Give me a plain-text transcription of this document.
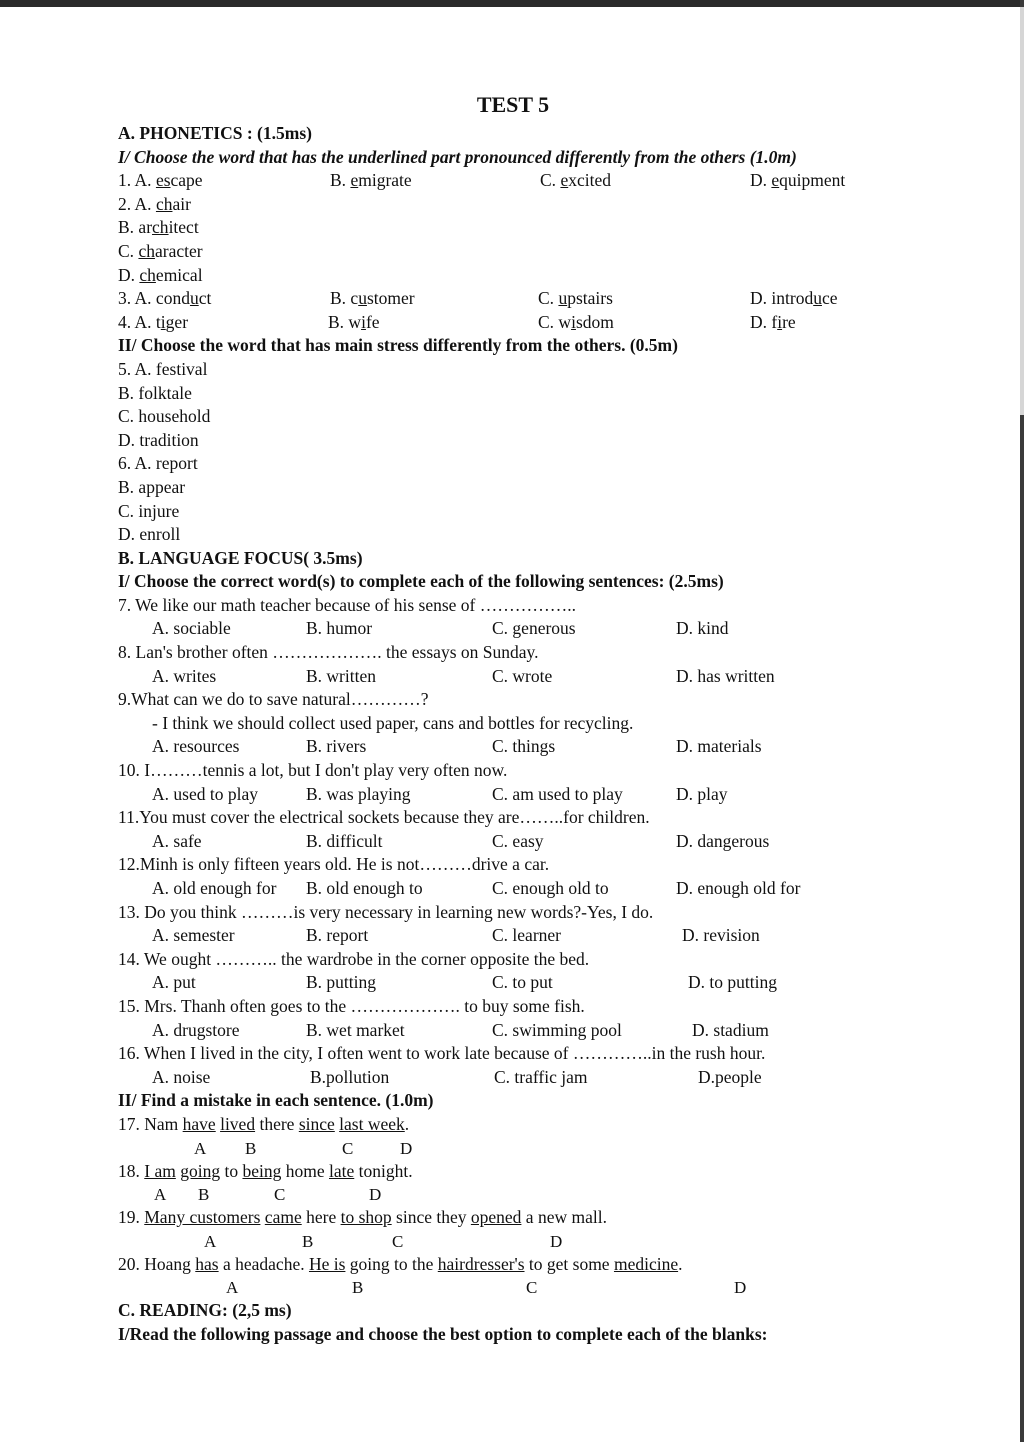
TEST 5
A. PHONETICS : (1.5ms)
I/ Choose the word that has the underlined part pronounced differently from the others (1.0m)
1. A. escape	B. emigrate	C. excited	D. equipment
2. A. chair
B. architect
C. character
D. chemical
3. A. conduct	B. customer	C. upstairs	D. introduce
4. A. tiger	B. wife	C. wisdom	D. fire
II/ Choose the word that has main stress differently from the others. (0.5m)
5. A. festival
B. folktale
C. household
D. tradition
6. A. report
B. appear
C. injure
D. enroll
B. LANGUAGE FOCUS( 3.5ms)
I/ Choose the correct word(s) to complete each of the following sentences: (2.5ms)
7. We like our math teacher because of his sense of ……………..
A. sociable	B. humor	C. generous	D. kind
8. Lan's brother often ………………. the essays on Sunday.
A. writes	B. written	C. wrote	D. has written
9.What can we do to save natural…………?
- I think we should collect used paper, cans and bottles for recycling.
A. resources	B. rivers	C. things	D. materials
10. I………tennis a lot, but I don't play very often now.
A. used to play	B. was playing	C. am used to play	D. play
11.You must cover the electrical sockets because they are……..for children.
A. safe	B. difficult	C. easy	D. dangerous
12.Minh is only fifteen years old. He is not………drive a car.
A. old enough for B. old enough to	C. enough old to	D. enough old for
13. Do you think ………is very necessary in learning new words?-Yes, I do.
A. semester	B. report	C. learner	D. revision
14. We ought ……….. the wardrobe in the corner opposite the bed.
A. put	B. putting	C. to put	D. to putting
15. Mrs. Thanh often goes to the ………………. to buy some fish.
A. drugstore	B. wet market	C. swimming pool	D. stadium
16. When I lived in the city, I often went to work late because of …………..in the rush hour.
A. noise	B.pollution	C. traffic jam	D.people
II/ Find a mistake in each sentence. (1.0m)
17. Nam have lived there since last week.
A B	C	D
18. I am going to being home late tonight.
A B	C	D
19. Many customers came here to shop since they opened a new mall.
A	B	C	D
20. Hoang has a headache. He is going to the hairdresser's to get some medicine.
A	B	C	D
C. READING: (2,5 ms)
I/Read the following passage and choose the best option to complete each of the blanks:
